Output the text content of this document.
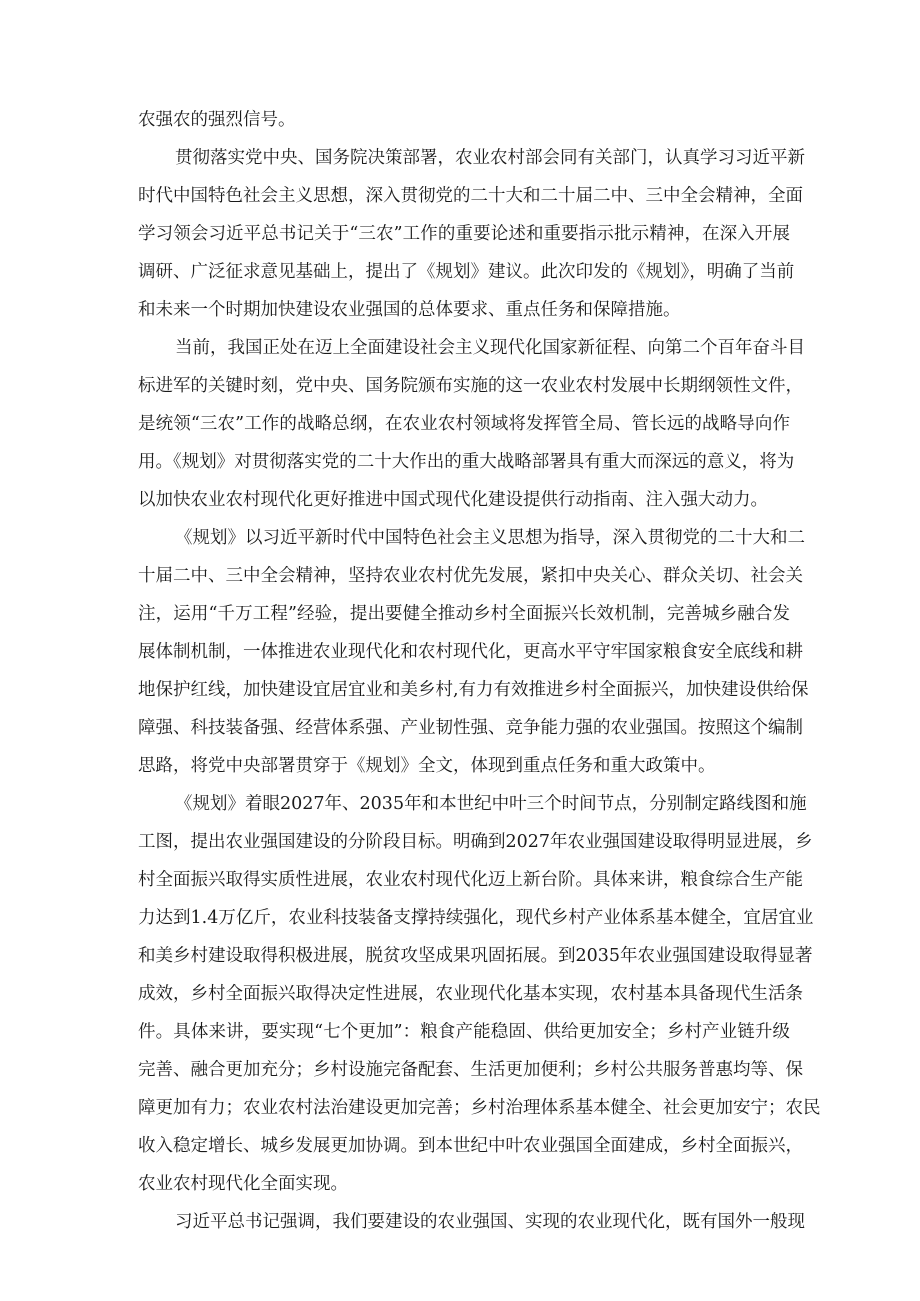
农强农的强烈信号。
贯彻落实党中央、国务院决策部署，农业农村部会同有关部门，认真学习习近平新
时代中国特色社会主义思想，深入贯彻党的二十大和二十届二中、三中全会精神，全面
学习领会习近平总书记关于“三农”工作的重要论述和重要指示批示精神，在深入开展
调研、广泛征求意见基础上，提出了《规划》建议。此次印发的《规划》，明确了当前
和未来一个时期加快建设农业强国的总体要求、重点任务和保障措施。
当前，我国正处在迈上全面建设社会主义现代化国家新征程、向第二个百年奋斗目
标进军的关键时刻，党中央、国务院颁布实施的这一农业农村发展中长期纲领性文件，
是统领“三农”工作的战略总纲，在农业农村领域将发挥管全局、管长远的战略导向作
用。《规划》对贯彻落实党的二十大作出的重大战略部署具有重大而深远的意义，将为
以加快农业农村现代化更好推进中国式现代化建设提供行动指南、注入强大动力。
《规划》以习近平新时代中国特色社会主义思想为指导，深入贯彻党的二十大和二
十届二中、三中全会精神，坚持农业农村优先发展，紧扣中央关心、群众关切、社会关
注，运用“千万工程”经验，提出要健全推动乡村全面振兴长效机制，完善城乡融合发
展体制机制，一体推进农业现代化和农村现代化，更高水平守牢国家粮食安全底线和耕
地保护红线，加快建设宜居宜业和美乡村,有力有效推进乡村全面振兴，加快建设供给保
障强、科技装备强、经营体系强、产业韧性强、竞争能力强的农业强国。按照这个编制
思路，将党中央部署贯穿于《规划》全文，体现到重点任务和重大政策中。
《规划》着眼2027年、2035年和本世纪中叶三个时间节点，分别制定路线图和施
工图，提出农业强国建设的分阶段目标。明确到2027年农业强国建设取得明显进展，乡
村全面振兴取得实质性进展，农业农村现代化迈上新台阶。具体来讲，粮食综合生产能
力达到1.4万亿斤，农业科技装备支撑持续强化，现代乡村产业体系基本健全，宜居宜业
和美乡村建设取得积极进展，脱贫攻坚成果巩固拓展。到2035年农业强国建设取得显著
成效，乡村全面振兴取得决定性进展，农业现代化基本实现，农村基本具备现代生活条
件。具体来讲，要实现“七个更加”：粮食产能稳固、供给更加安全；乡村产业链升级
完善、融合更加充分；乡村设施完备配套、生活更加便利；乡村公共服务普惠均等、保
障更加有力；农业农村法治建设更加完善；乡村治理体系基本健全、社会更加安宁；农民
收入稳定增长、城乡发展更加协调。到本世纪中叶农业强国全面建成，乡村全面振兴，
农业农村现代化全面实现。
习近平总书记强调，我们要建设的农业强国、实现的农业现代化，既有国外一般现
